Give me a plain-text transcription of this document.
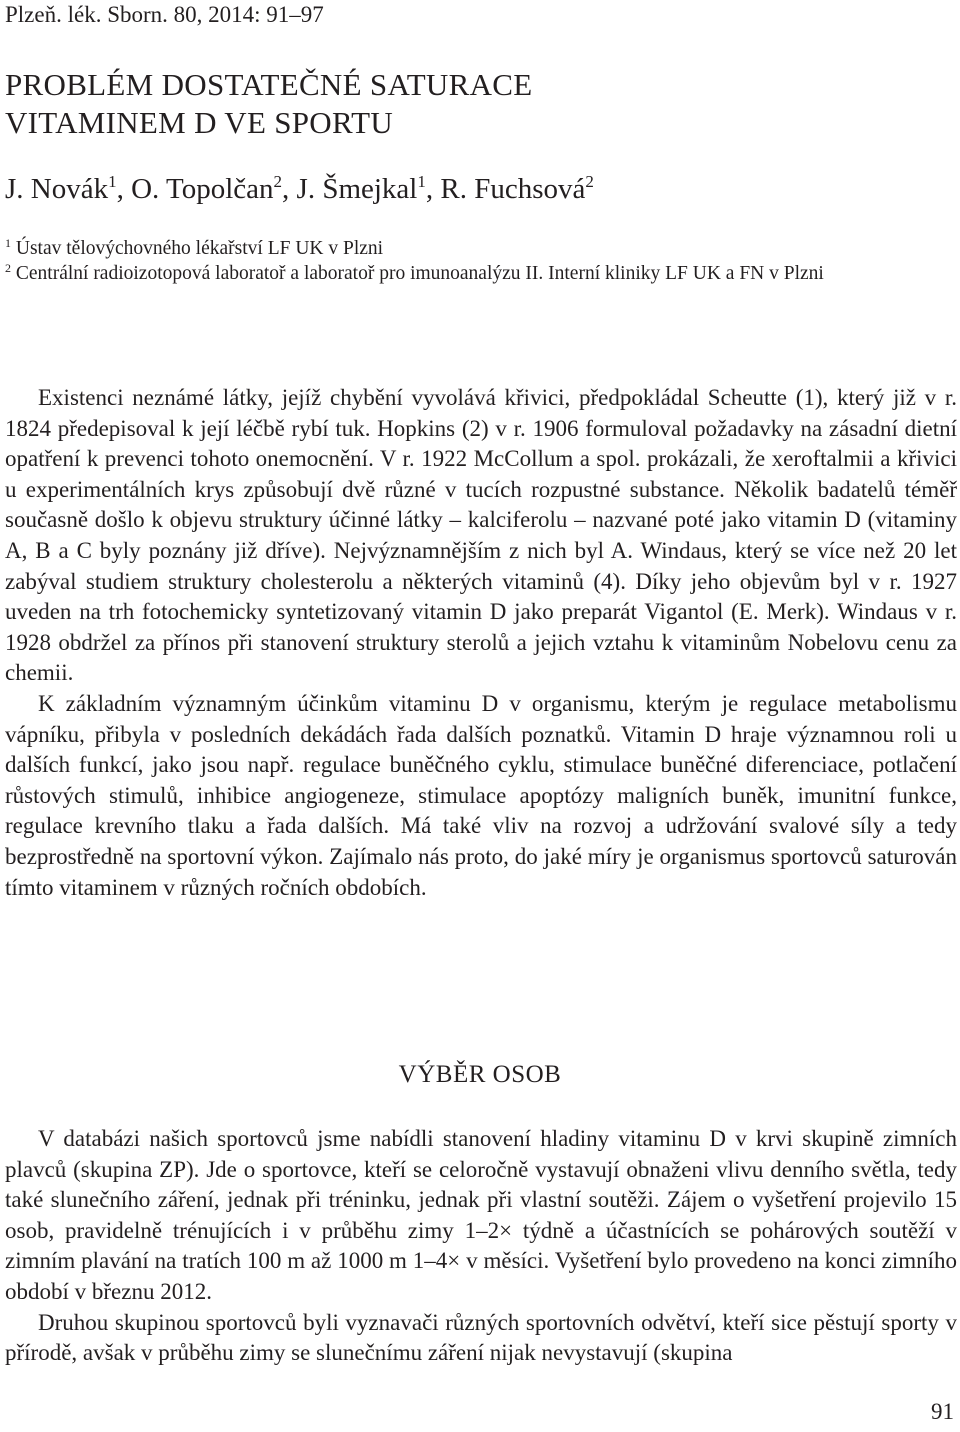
Plzeň. lék. Sborn. 80, 2014: 91–97
PROBLÉM DOSTATEČNÉ SATURACE
VITAMINEM D VE SPORTU
J. Novák$^1$, O. Topolčan$^2$, J. Šmejkal$^1$, R. Fuchsová$^2$
$^1$ Ústav tělovýchovného lékařství LF UK v Plzni
$^2$ Centrální radioizotopová laboratoř a laboratoř pro imunoanalýzu II. Interní kliniky LF UK a FN v Plzni

Existenci neznámé látky, jejíž chybění vyvolává křivici, předpokládal Scheutte (1), který již v r. 1824 předepisoval k její léčbě rybí tuk. Hopkins (2) v r. 1906 formuloval požadavky na zásadní dietní opatření k prevenci tohoto onemocnění. V r. 1922 McCollum a spol. prokázali, že xeroftalmii a křivici u experimentálních krys způsobují dvě různé v tucích rozpustné substance. Několik badatelů téměř současně došlo k objevu struktury účinné látky – kalciferolu – nazvané poté jako vitamin D (vitaminy A, B a C byly poznány již dříve). Nejvýznamnějším z nich byl A. Windaus, který se více než 20 let zabýval studiem struktury cholesterolu a některých vitaminů (4). Díky jeho objevům byl v r. 1927 uveden na trh fotochemicky syntetizovaný vitamin D jako preparát Vigantol (E. Merk). Windaus v r. 1928 obdržel za přínos při stanovení struktury sterolů a jejich vztahu k vitaminům Nobelovu cenu za chemii.

K základním významným účinkům vitaminu D v organismu, kterým je regulace metabolismu vápníku, přibyla v posledních dekádách řada dalších poznatků. Vitamin D hraje významnou roli u dalších funkcí, jako jsou např. regulace buněčného cyklu, stimulace buněčné diferenciace, potlačení růstových stimulů, inhibice angiogeneze, stimulace apoptózy maligních buněk, imunitní funkce, regulace krevního tlaku a řada dalších. Má také vliv na rozvoj a udržování svalové síly a tedy bezprostředně na sportovní výkon. Zajímalo nás proto, do jaké míry je organismus sportovců saturován tímto vitaminem v různých ročních obdobích.

VÝBĚR OSOB

V databázi našich sportovců jsme nabídli stanovení hladiny vitaminu D v krvi skupině zimních plavců (skupina ZP). Jde o sportovce, kteří se celoročně vystavují obnaženi vlivu denního světla, tedy také slunečního záření, jednak při tréninku, jednak při vlastní soutěži. Zájem o vyšetření projevilo 15 osob, pravidelně trénujících i v průběhu zimy 1–2× týdně a účastnících se pohárových soutěží v zimním plavání na tratích 100 m až 1000 m 1–4× v měsíci. Vyšetření bylo provedeno na konci zimního období v březnu 2012.

Druhou skupinou sportovců byli vyznavači různých sportovních odvětví, kteří sice pěstují sporty v přírodě, avšak v průběhu zimy se slunečnímu záření nijak nevystavují (skupina

91
